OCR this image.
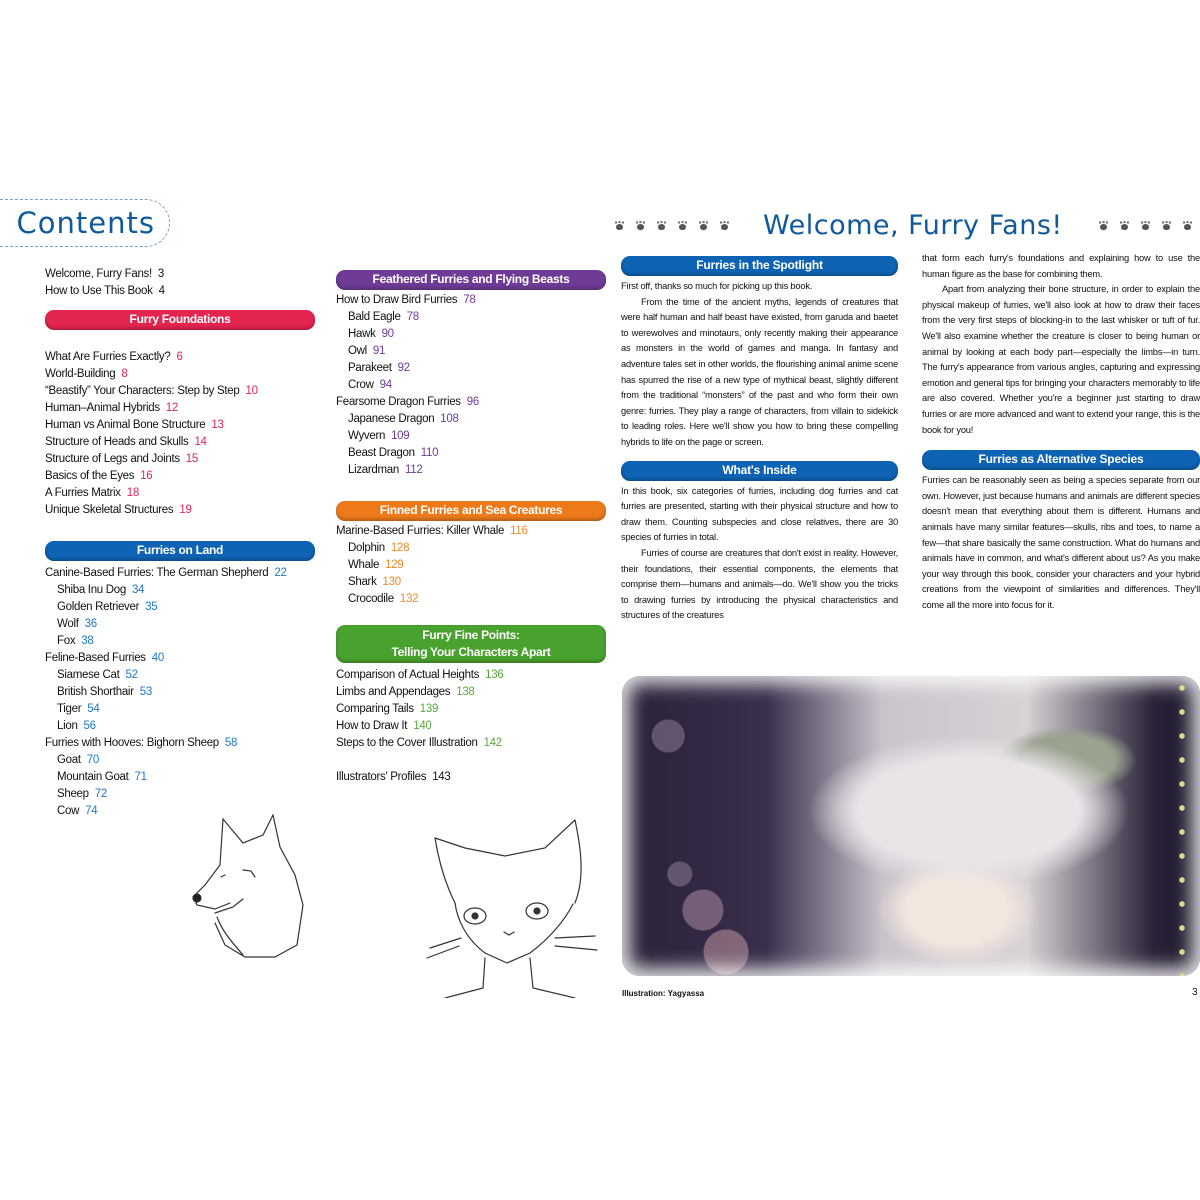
Contents
Welcome, Furry Fans! 3
How to Use This Book 4
Furry Foundations
What Are Furries Exactly? 6
World-Building 8
“Beastify” Your Characters: Step by Step 10
Human–Animal Hybrids 12
Human vs Animal Bone Structure 13
Structure of Heads and Skulls 14
Structure of Legs and Joints 15
Basics of the Eyes 16
A Furries Matrix 18
Unique Skeletal Structures 19
Furries on Land
Canine-Based Furries: The German Shepherd 22
Shiba Inu Dog 34
Golden Retriever 35
Wolf 36
Fox 38
Feline-Based Furries 40
Siamese Cat 52
British Shorthair 53
Tiger 54
Lion 56
Furries with Hooves: Bighorn Sheep 58
Goat 70
Mountain Goat 71
Sheep 72
Cow 74
Feathered Furries and Flying Beasts
How to Draw Bird Furries 78
Bald Eagle 78
Hawk 90
Owl 91
Parakeet 92
Crow 94
Fearsome Dragon Furries 96
Japanese Dragon 108
Wyvern 109
Beast Dragon 110
Lizardman 112
Finned Furries and Sea Creatures
Marine-Based Furries: Killer Whale 116
Dolphin 128
Whale 129
Shark 130
Crocodile 132
Furry Fine Points:
Telling Your Characters Apart
Comparison of Actual Heights 136
Limbs and Appendages 138
Comparing Tails 139
How to Draw It 140
Steps to the Cover Illustration 142
Illustrators' Profiles 143
Welcome, Furry Fans!
Furries in the Spotlight

First off, thanks so much for picking up this book.

From the time of the ancient myths, legends of creatures that were half human and half beast have existed, from garuda and baetet to werewolves and minotaurs, only recently making their appearance as monsters in the world of games and manga. In fantasy and adventure tales set in other worlds, the flourishing animal anime scene has spurred the rise of a new type of mythical beast, slightly different from the traditional “monsters” of the past and who form their own genre: furries. They play a range of characters, from villain to sidekick to leading roles. Here we'll show you how to bring these compelling hybrids to life on the page or screen.

What's Inside

In this book, six categories of furries, including dog furries and cat furries are presented, starting with their physical structure and how to draw them. Counting subspecies and close relatives, there are 30 species of furries in total.

Furries of course are creatures that don't exist in reality. However, their foundations, their essential components, the elements that comprise them—humans and animals—do. We'll show you the tricks to drawing furries by introducing the physical characteristics and structures of the creatures

that form each furry's foundations and explaining how to use the human figure as the base for combining them.

Apart from analyzing their bone structure, in order to explain the physical makeup of furries, we'll also look at how to draw their faces from the very first steps of blocking-in to the last whisker or tuft of fur. We'll also examine whether the creature is closer to being human or animal by looking at each body part—especially the limbs—in turn. The furry's appearance from various angles, capturing and expressing emotion and general tips for bringing your characters memorably to life are also covered. Whether you're a beginner just starting to draw furries or are more advanced and want to extend your range, this is the book for you!

Furries as Alternative Species

Furries can be reasonably seen as being a species separate from our own. However, just because humans and animals are different species doesn't mean that everything about them is different. Humans and animals have many similar features—skulls, ribs and toes, to name a few—that share basically the same construction. What do humans and animals have in common, and what's different about us? As you make your way through this book, consider your characters and your hybrid creations from the viewpoint of similarities and differences. They'll come all the more into focus for it.

Illustration: Yagyassa	3
